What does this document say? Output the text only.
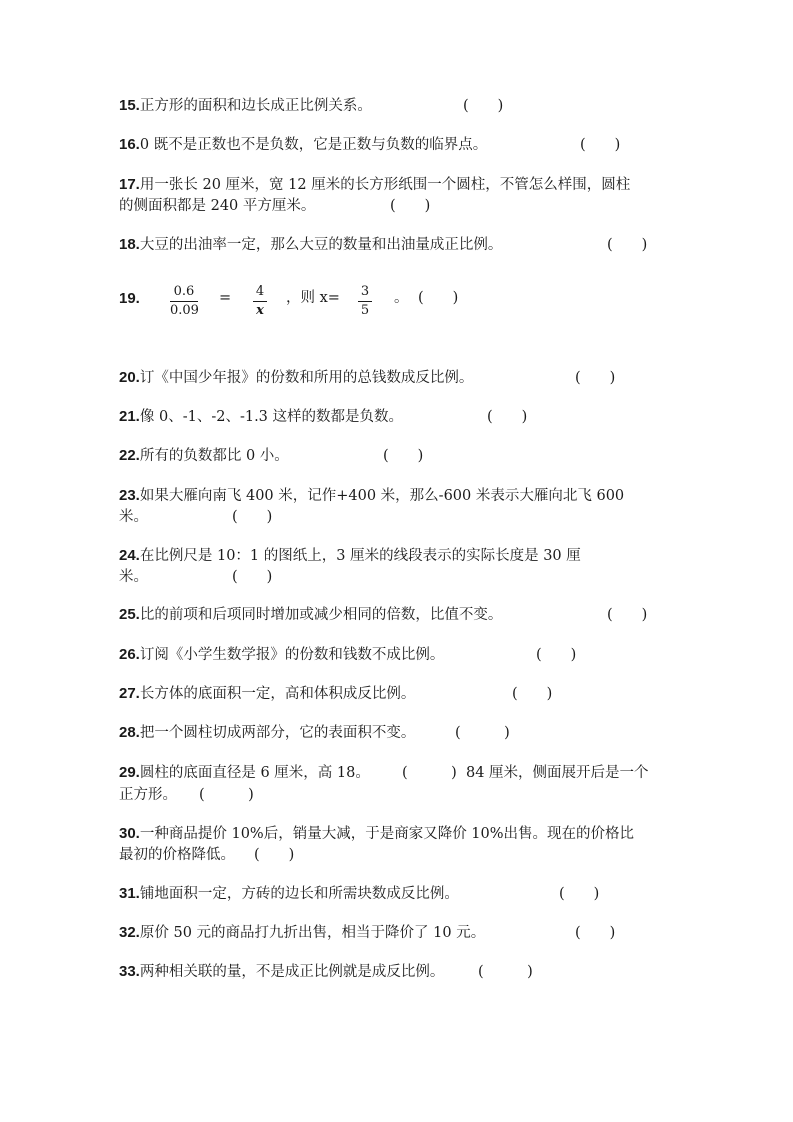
15.正方形的面积和边长成正比例关系。	(　　)
16.0 既不是正数也不是负数，它是正数与负数的临界点。	(　　)
17.用一张长 20 厘米，宽 12 厘米的长方形纸围一个圆柱，不管怎么样围，圆柱
的侧面积都是 240 平方厘米。	(　　)
18.大豆的出油率一定，那么大豆的数量和出油量成正比例。	(　　)
19.	0.6
0.09
= 4
x
，则 x= 3
5
。 (　　)
20.订《中国少年报》的份数和所用的总钱数成反比例。	(　　)
21.像 0、-1、-2、-1.3 这样的数都是负数。	(　　)
22.所有的负数都比 0 小。	(　　)
23.如果大雁向南飞 400 米，记作+400 米，那么-600 米表示大雁向北飞 600
米。	(　　)
24.在比例尺是 10：1 的图纸上，3 厘米的线段表示的实际长度是 30 厘
米。	(　　)
25.比的前项和后项同时增加或减少相同的倍数，比值不变。	(　　)
26.订阅《小学生数学报》的份数和钱数不成比例。	(　　)
27.长方体的底面积一定，高和体积成反比例。	(　　)
28.把一个圆柱切成两部分，它的表面积不变。	(　　　)
29.圆柱的底面直径是 6 厘米，高 18。 (　　　) 84 厘米，侧面展开后是一个
正方形。 (　　　)
30.一种商品提价 10%后，销量大减，于是商家又降价 10%出售。现在的价格比
最初的价格降低。 (　　)
31.铺地面积一定，方砖的边长和所需块数成反比例。	(　　)
32.原价 50 元的商品打九折出售，相当于降价了 10 元。	(　　)
33.两种相关联的量，不是成正比例就是成反比例。 (　　　)
